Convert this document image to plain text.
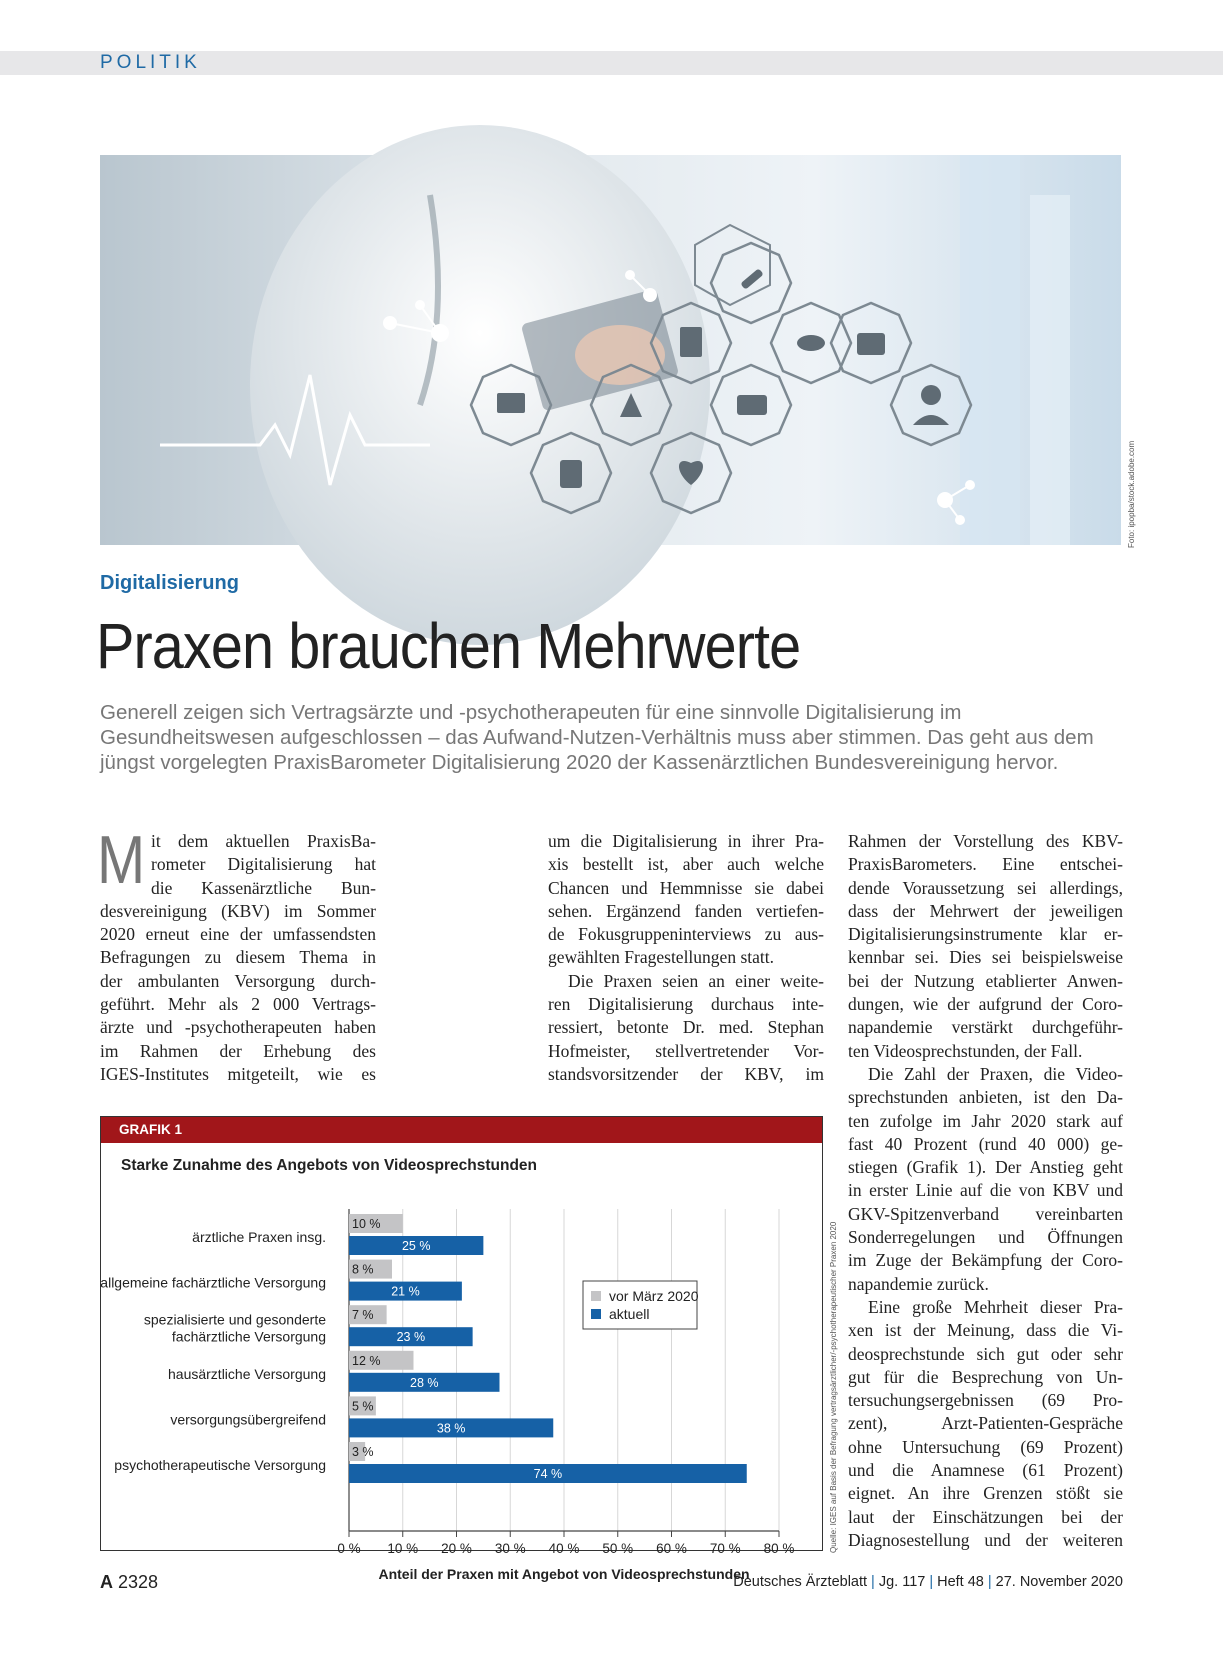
POLITIK
Foto: ipopba/stock.adobe.com
Digitalisierung
Praxen brauchen Mehrwerte
Generell zeigen sich Vertragsärzte und -psychotherapeuten für eine sinnvolle Digitalisierung im
Gesundheitswesen aufgeschlossen – das Aufwand-Nutzen-Verhältnis muss aber stimmen. Das geht aus dem
jüngst vorgelegten PraxisBarometer Digitalisierung 2020 der Kassenärztlichen Bundesvereinigung hervor.
M it dem aktuellen PraxisBa-
rometer Digitalisierung hat
die Kassenärztliche Bun-
desvereinigung (KBV) im Sommer
2020 erneut eine der umfassendsten
Befragungen zu diesem Thema in
der ambulanten Versorgung durch-
geführt. Mehr als 2 000 Vertrags-
ärzte und -psychotherapeuten haben
im Rahmen der Erhebung des
IGES-Institutes mitgeteilt, wie es
um die Digitalisierung in ihrer Pra-
xis bestellt ist, aber auch welche
Chancen und Hemmnisse sie dabei
sehen. Ergänzend fanden vertiefen-
de Fokusgruppeninterviews zu aus-
gewählten Fragestellungen statt.
Die Praxen seien an einer weite-
ren Digitalisierung durchaus inte-
ressiert, betonte Dr. med. Stephan
Hofmeister, stellvertretender Vor-
standsvorsitzender der KBV, im
Rahmen der Vorstellung des KBV-
PraxisBarometers. Eine entschei-
dende Voraussetzung sei allerdings,
dass der Mehrwert der jeweiligen
Digitalisierungsinstrumente klar er-
kennbar sei. Dies sei beispielsweise
bei der Nutzung etablierter Anwen-
dungen, wie der aufgrund der Coro-
napandemie verstärkt durchgeführ-
ten Videosprechstunden, der Fall.
Die Zahl der Praxen, die Video-
sprechstunden anbieten, ist den Da-
ten zufolge im Jahr 2020 stark auf
fast 40 Prozent (rund 40 000) ge-
stiegen (Grafik 1). Der Anstieg geht
in erster Linie auf die von KBV und
GKV-Spitzenverband vereinbarten
Sonderregelungen und Öffnungen
im Zuge der Bekämpfung der Coro-
napandemie zurück.
Eine große Mehrheit dieser Pra-
xen ist der Meinung, dass die Vi-
deosprechstunde sich gut oder sehr
gut für die Besprechung von Un-
tersuchungsergebnissen (69 Pro-
zent), Arzt-Patienten-Gespräche
ohne Untersuchung (69 Prozent)
und die Anamnese (61 Prozent)
eignet. An ihre Grenzen stößt sie
laut der Einschätzungen bei der
Diagnosestellung und der weiteren
GRAFIK 1
Starke Zunahme des Angebots von Videosprechstunden
0 % 10 % 20 % 30 % 40 % 50 % 60 % 70 % 80 %
ärztliche Praxen insg.
10 %
25 %
allgemeine fachärztliche Versorgung
8 %
21 %
spezialisierte und gesonderte
fachärztliche Versorgung
7 %
23 %
hausärztliche Versorgung
12 %
28 %
versorgungsübergreifend
5 %
38 %
psychotherapeutische Versorgung
3 %
74 %
vor März 2020
aktuell
Anteil der Praxen mit Angebot von Videosprechstunden
Quelle: IGES auf Basis der Befragung vertragsärztlicher/-psychotherapeutischer Praxen 2020
A 2328	Deutsches Ärzteblatt | Jg. 117 | Heft 48 | 27. November 2020
